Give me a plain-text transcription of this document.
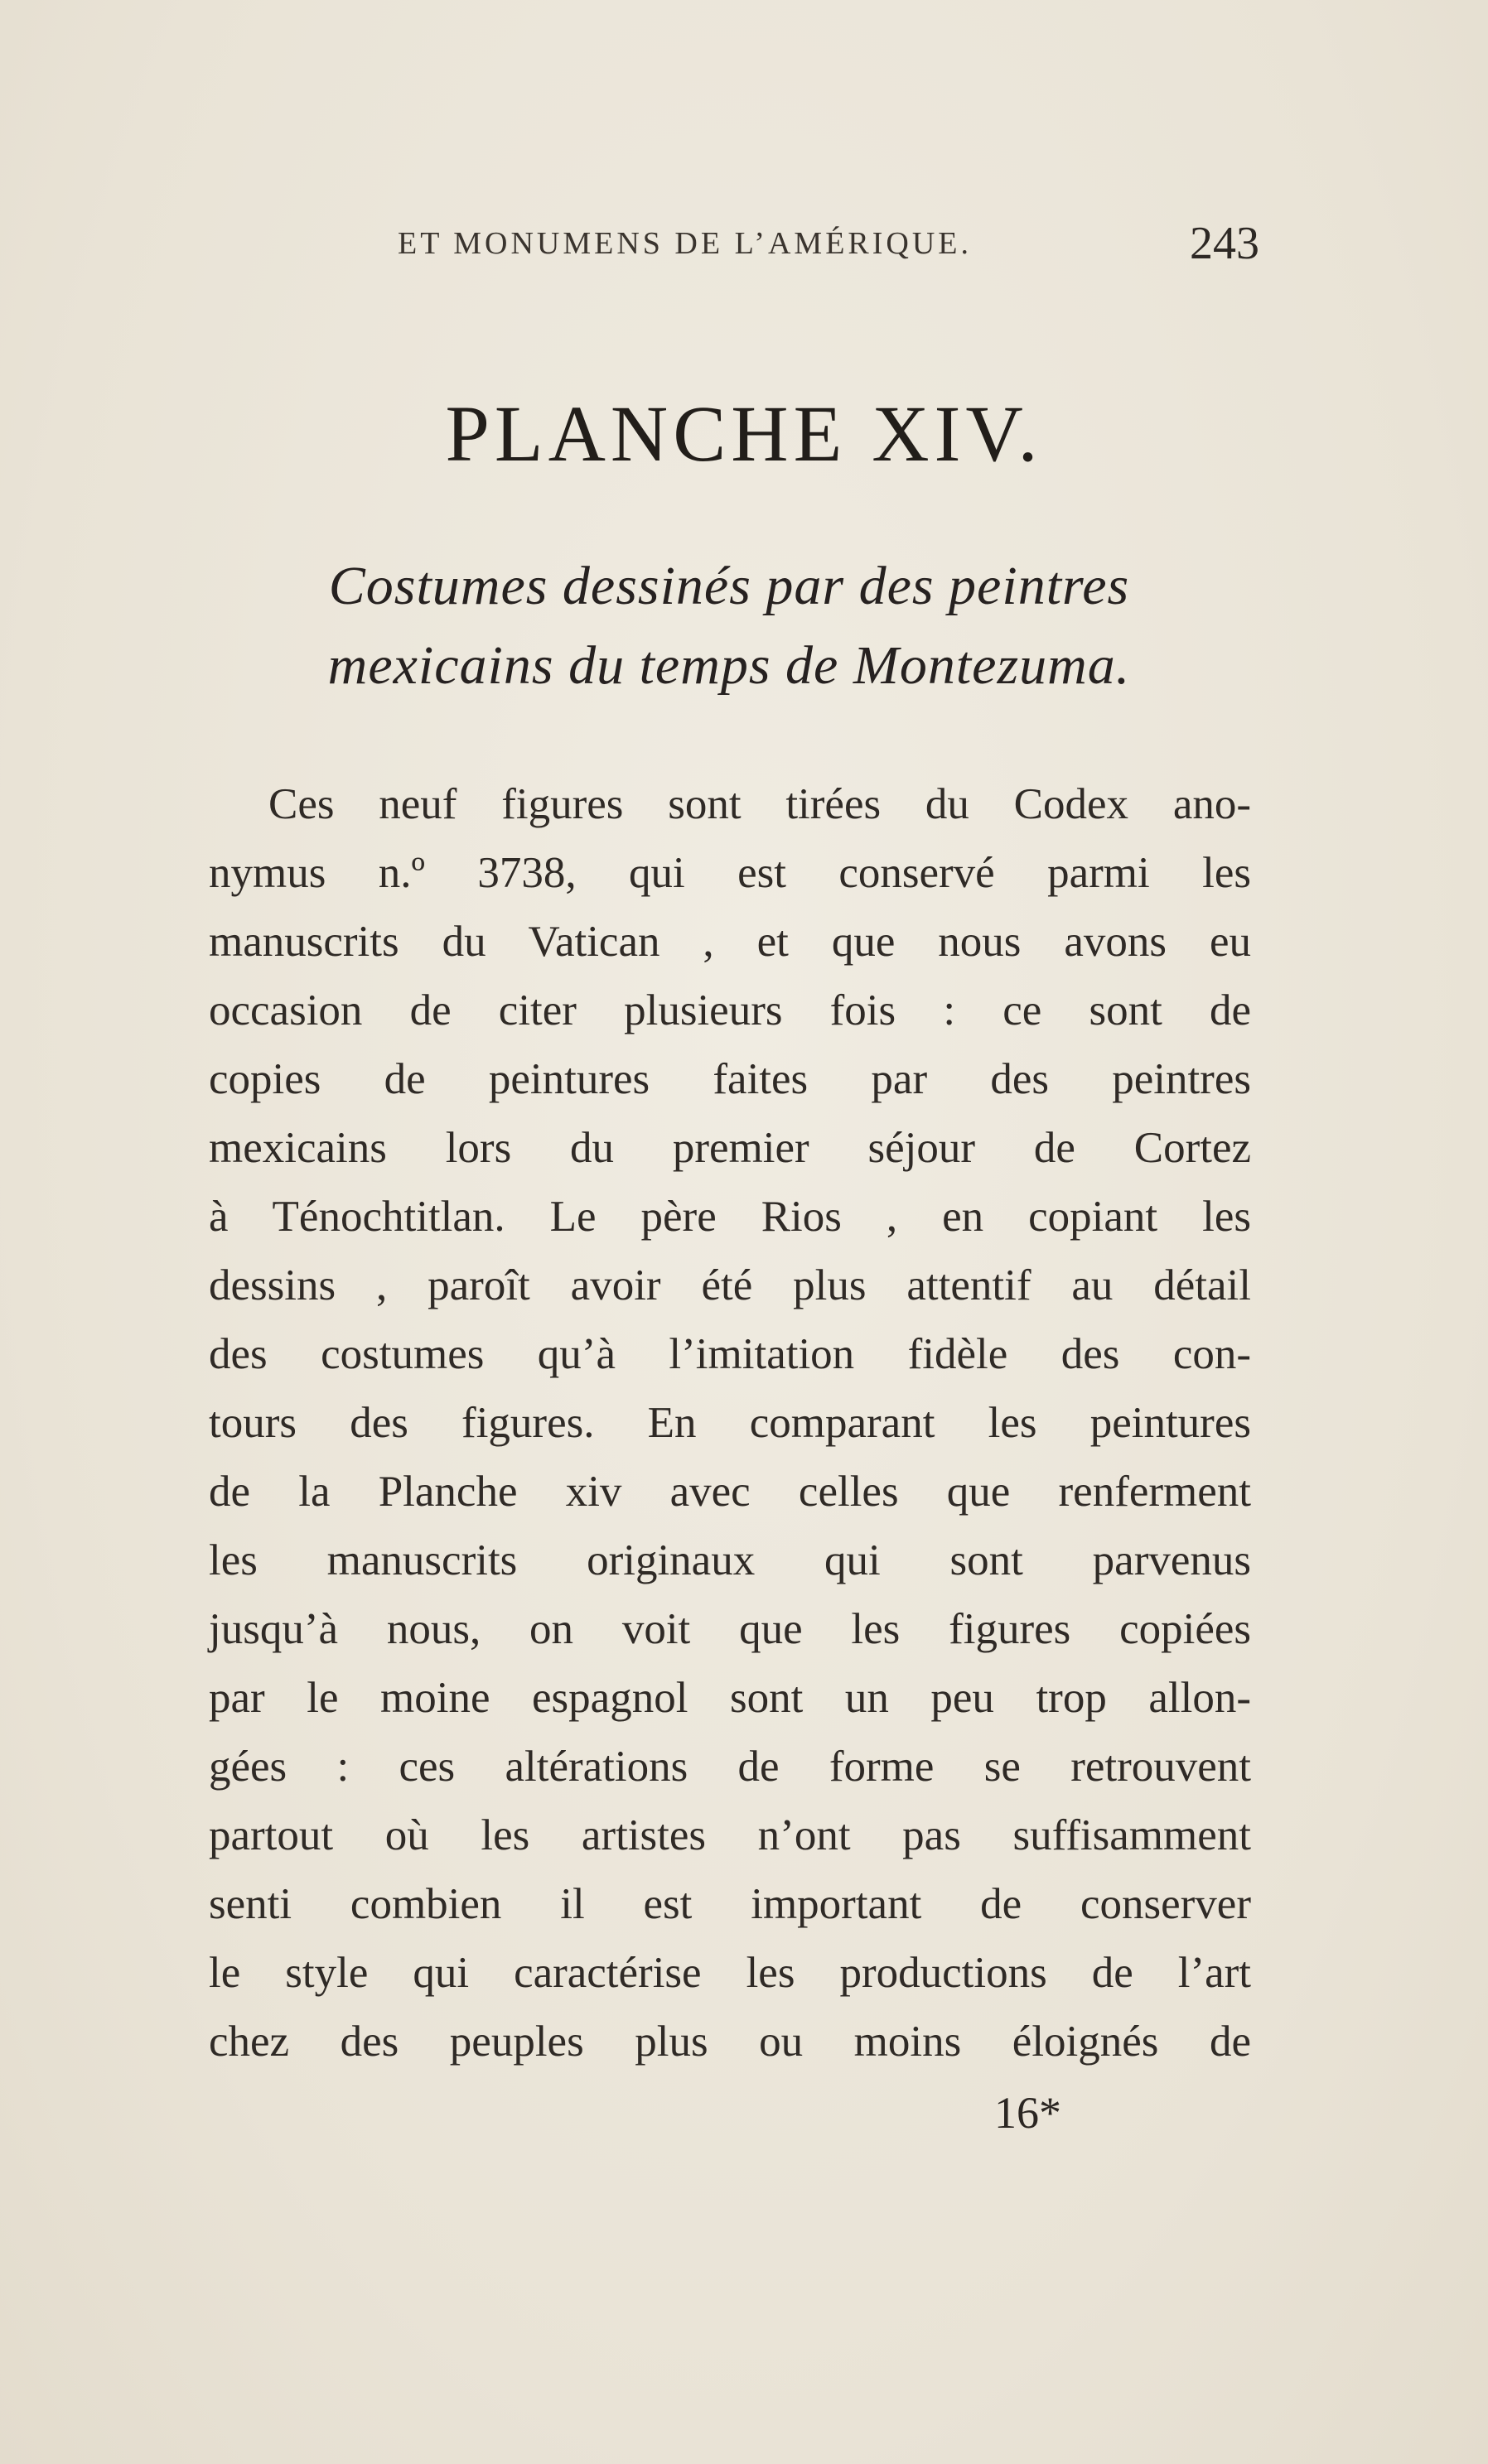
ET MONUMENS DE L’AMÉRIQUE.	243
PLANCHE XIV.
Costumes dessinés par des peintres
mexicains du temps de Montezuma.
Ces neuf figures sont tirées du Codex ano-
nymus n.º 3738, qui est conservé parmi les
manuscrits du Vatican , et que nous avons eu
occasion de citer plusieurs fois : ce sont de
copies de peintures faites par des peintres
mexicains lors du premier séjour de Cortez
à Ténochtitlan. Le père Rios , en copiant les
dessins , paroît avoir été plus attentif au détail
des costumes qu’à l’imitation fidèle des con-
tours des figures. En comparant les peintures
de la Planche xiv avec celles que renferment
les manuscrits originaux qui sont parvenus
jusqu’à nous, on voit que les figures copiées
par le moine espagnol sont un peu trop allon-
gées : ces altérations de forme se retrouvent
partout où les artistes n’ont pas suffisamment
senti combien il est important de conserver
le style qui caractérise les productions de l’art
chez des peuples plus ou moins éloignés de
16*
